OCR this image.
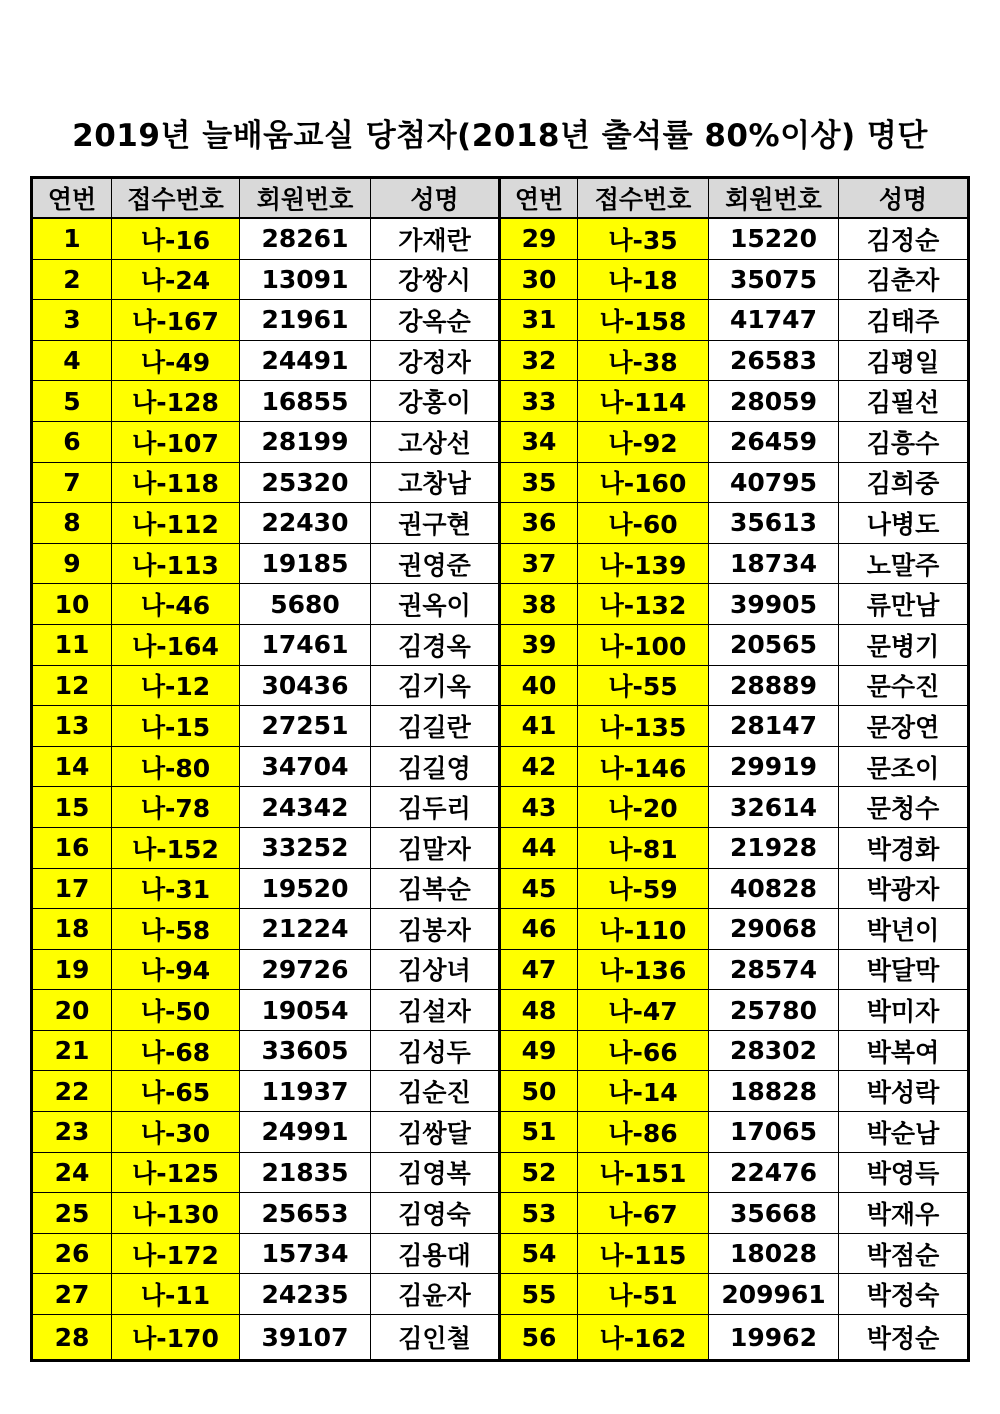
2019년 늘배움교실 당첨자(2018년 출석률 80%이상) 명단
연번	접수번호	회원번호	성명	연번	접수번호	회원번호	성명
1	나-16	28261	가재란	29	나-35	15220	김정순
2	나-24	13091	강쌍시	30	나-18	35075	김춘자
3	나-167	21961	강옥순	31	나-158	41747	김태주
4	나-49	24491	강정자	32	나-38	26583	김평일
5	나-128	16855	강홍이	33	나-114	28059	김필선
6	나-107	28199	고상선	34	나-92	26459	김흥수
7	나-118	25320	고창남	35	나-160	40795	김희중
8	나-112	22430	권구현	36	나-60	35613	나병도
9	나-113	19185	권영준	37	나-139	18734	노말주
10	나-46	5680	권옥이	38	나-132	39905	류만남
11	나-164	17461	김경옥	39	나-100	20565	문병기
12	나-12	30436	김기옥	40	나-55	28889	문수진
13	나-15	27251	김길란	41	나-135	28147	문장연
14	나-80	34704	김길영	42	나-146	29919	문조이
15	나-78	24342	김두리	43	나-20	32614	문청수
16	나-152	33252	김말자	44	나-81	21928	박경화
17	나-31	19520	김복순	45	나-59	40828	박광자
18	나-58	21224	김봉자	46	나-110	29068	박년이
19	나-94	29726	김상녀	47	나-136	28574	박달막
20	나-50	19054	김설자	48	나-47	25780	박미자
21	나-68	33605	김성두	49	나-66	28302	박복여
22	나-65	11937	김순진	50	나-14	18828	박성락
23	나-30	24991	김쌍달	51	나-86	17065	박순남
24	나-125	21835	김영복	52	나-151	22476	박영득
25	나-130	25653	김영숙	53	나-67	35668	박재우
26	나-172	15734	김용대	54	나-115	18028	박점순
27	나-11	24235	김윤자	55	나-51	209961	박정숙
28	나-170	39107	김인철	56	나-162	19962	박정순
